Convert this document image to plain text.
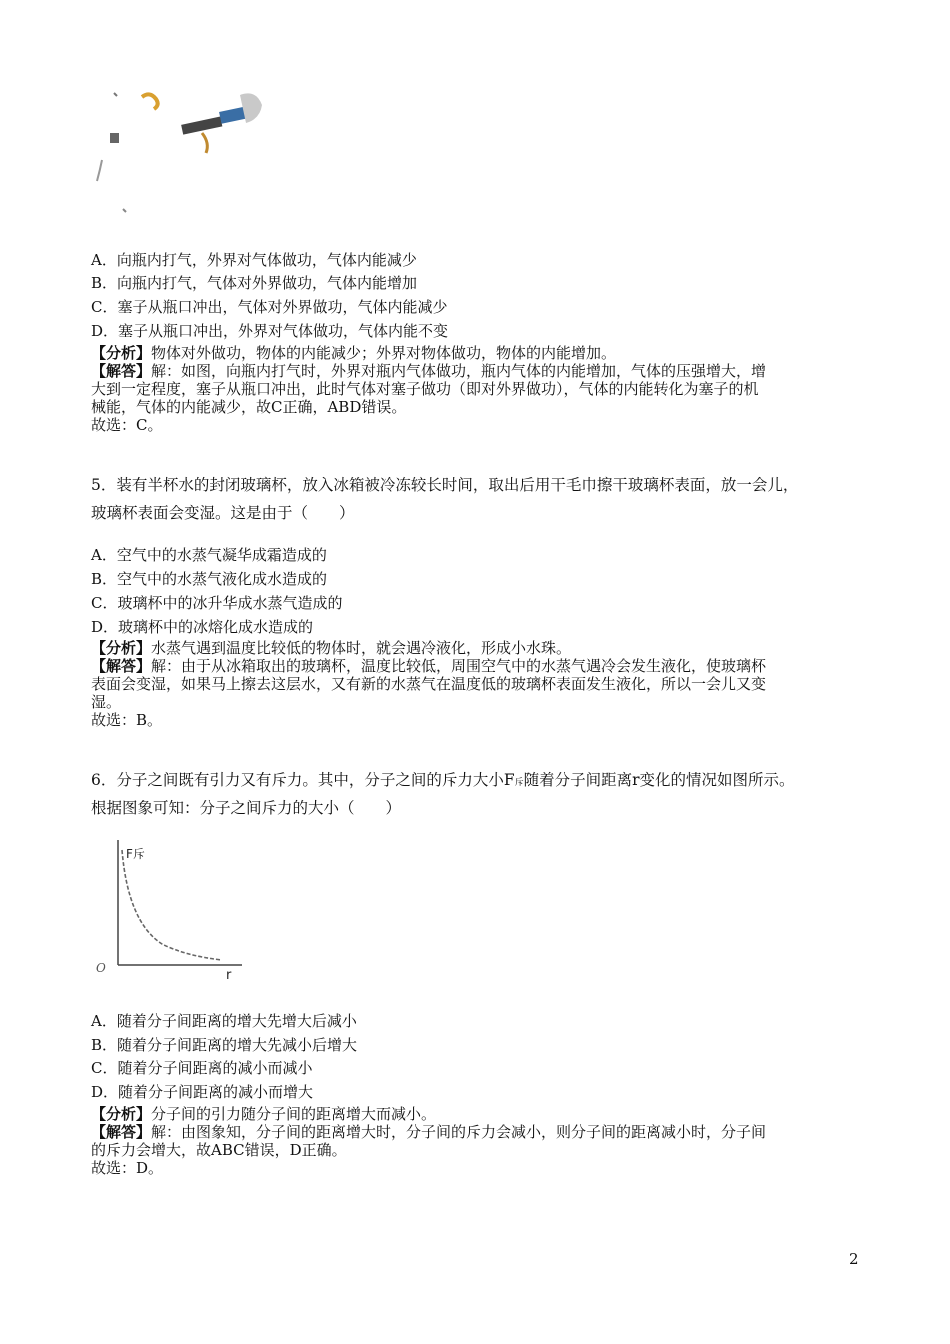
A．向瓶内打气，外界对气体做功，气体内能减少
B．向瓶内打气，气体对外界做功，气体内能增加
C．塞子从瓶口冲出，气体对外界做功，气体内能减少
D．塞子从瓶口冲出，外界对气体做功，气体内能不变
【分析】物体对外做功，物体的内能减少；外界对物体做功，物体的内能增加。
【解答】解：如图，向瓶内打气时，外界对瓶内气体做功，瓶内气体的内能增加，气体的压强增大，增
大到一定程度，塞子从瓶口冲出，此时气体对塞子做功（即对外界做功），气体的内能转化为塞子的机
械能，气体的内能减少，故C正确，ABD错误。
故选：C。
5．装有半杯水的封闭玻璃杯，放入冰箱被冷冻较长时间，取出后用干毛巾擦干玻璃杯表面，放一会儿，
玻璃杯表面会变湿。这是由于（　　）
A．空气中的水蒸气凝华成霜造成的
B．空气中的水蒸气液化成水造成的
C．玻璃杯中的冰升华成水蒸气造成的
D．玻璃杯中的冰熔化成水造成的
【分析】水蒸气遇到温度比较低的物体时，就会遇冷液化，形成小水珠。
【解答】解：由于从冰箱取出的玻璃杯，温度比较低，周围空气中的水蒸气遇冷会发生液化，使玻璃杯
表面会变湿，如果马上擦去这层水，又有新的水蒸气在温度低的玻璃杯表面发生液化，所以一会儿又变
湿。
故选：B。
6．分子之间既有引力又有斥力。其中，分子之间的斥力大小F斥随着分子间距离r变化的情况如图所示。
根据图象可知：分子之间斥力的大小（　　）
F斥
r
O
A．随着分子间距离的增大先增大后减小
B．随着分子间距离的增大先减小后增大
C．随着分子间距离的减小而减小
D．随着分子间距离的减小而增大
【分析】分子间的引力随分子间的距离增大而减小。
【解答】解：由图象知，分子间的距离增大时，分子间的斥力会减小，则分子间的距离减小时，分子间
的斥力会增大，故ABC错误，D正确。
故选：D。
2
